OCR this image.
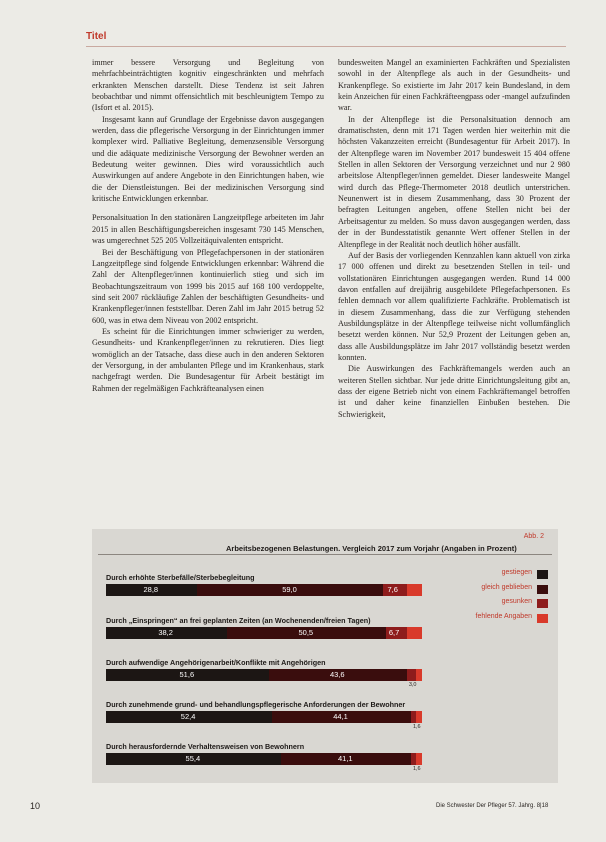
Titel

immer bessere Versorgung und Begleitung von mehrfachbeinträchtigten kognitiv eingeschränkten und mehrfach erkrankten Menschen darstellt. Diese Tendenz ist seit Jahren beobachtbar und nimmt offensichtlich mit beschleunigtem Tempo zu (Isfort et al. 2015).

Insgesamt kann auf Grundlage der Ergebnisse davon ausgegangen werden, dass die pflegerische Versorgung in der Einrichtungen immer komplexer wird. Palliative Begleitung, demenzsensible Versorgung und die adäquate medizinische Versorgung der Bewohner werden an Bedeutung weiter gewinnen. Dies wird voraussichtlich auch Auswirkungen auf andere Angebote in den Einrichtungen haben, wie die der Dienstleistungen. Bei der medizinischen Versorgung sind kritische Entwicklungen erkennbar.

Personalsituation In den stationären Langzeitpflege arbeiteten im Jahr 2015 in allen Beschäftigungsbereichen insgesamt 730 145 Menschen, was umgerechnet 525 205 Vollzeitäquivalenten entspricht.

Bei der Beschäftigung von Pflegefachpersonen in der stationären Langzeitpflege sind folgende Entwicklungen erkennbar: Während die Zahl der Altenpfleger/innen kontinuierlich stieg und sich im Beobachtungszeitraum von 1999 bis 2015 auf 168 100 verdoppelte, sind seit 2007 rückläufige Zahlen der beschäftigten Gesundheits- und Krankenpfleger/innen feststellbar. Deren Zahl im Jahr 2015 betrug 52 600, was in etwa dem Niveau von 2002 entspricht.

Es scheint für die Einrichtungen immer schwieriger zu werden, Gesundheits- und Krankenpfleger/innen zu rekrutieren. Dies liegt womöglich an der Tatsache, dass diese auch in den anderen Sektoren der Versorgung, in der ambulanten Pflege und im Krankenhaus, stark nachgefragt werden. Die Bundesagentur für Arbeit bestätigt im Rahmen der regelmäßigen Fachkräfteanalysen einen

bundesweiten Mangel an examinierten Fachkräften und Spezialisten sowohl in der Altenpflege als auch in der Gesundheits- und Krankenpflege. So existierte im Jahr 2017 kein Bundesland, in dem kein Anzeichen für einen Fachkräfteengpass oder -mangel aufzufinden war.

In der Altenpflege ist die Personalsituation dennoch am dramatischsten, denn mit 171 Tagen werden hier weiterhin mit die höchsten Vakanzzeiten erreicht (Bundesagentur für Arbeit 2017). In der Altenpflege waren im November 2017 bundesweit 15 404 offene Stellen in allen Sektoren der Versorgung verzeichnet und nur 2 980 arbeitslose Altenpfleger/innen gemeldet. Dieser landesweite Mangel wird durch das Pflege-Thermometer 2018 deutlich unterstrichen. Neunenwert ist in diesem Zusammenhang, dass 30 Prozent der befragten Leitungen angeben, offene Stellen nicht bei der Arbeitsagentur zu melden. So muss davon ausgegangen werden, dass der in der Bundesstatistik genannte Wert offener Stellen in der Altenpflege in der Realität noch deutlich höher ausfällt.

Auf der Basis der vorliegenden Kennzahlen kann aktuell von zirka 17 000 offenen und direkt zu besetzenden Stellen in teil- und vollstationären Einrichtungen ausgegangen werden. Rund 14 000 davon entfallen auf dreijährig ausgebildete Pflegefachpersonen. Es fehlen demnach vor allem qualifizierte Fachkräfte. Problematisch ist in diesem Zusammenhang, dass die zur Verfügung stehenden Ausbildungsplätze in der Altenpflege teilweise nicht vollumfänglich besetzt werden können. Nur 52,9 Prozent der Leitungen geben an, dass alle Ausbildungsplätze im Jahr 2017 vollständig besetzt werden konnten.

Die Auswirkungen des Fachkräftemangels werden auch an weiteren Stellen sichtbar. Nur jede dritte Einrichtungsleitung gibt an, dass der eigene Betrieb nicht von einem Fachkräftemangel betroffen ist und daher keine finanziellen Einbußen bestehen. Die Schwierigkeit,

Abb. 2
Arbeitsbezogenen Belastungen. Vergleich 2017 zum Vorjahr (Angaben in Prozent)
gestiegen
gleich geblieben
gesunken
fehlende Angaben
Durch erhöhte Sterbefälle/Sterbebegleitung
28,8	59,0	7,6
Durch „Einspringen“ an frei geplanten Zeiten (an Wochenenden/freien Tagen)
38,2	50,5	6,7
Durch aufwendige Angehörigenarbeit/Konflikte mit Angehörigen
51,6	43,6
3,0
Durch zunehmende grund- und behandlungspflegerische Anforderungen der Bewohner
52,4	44,1
1,6
Durch herausfordernde Verhaltensweisen von Bewohnern
55,4	41,1
1,6
10	Die Schwester Der Pfleger 57. Jahrg. 8|18
